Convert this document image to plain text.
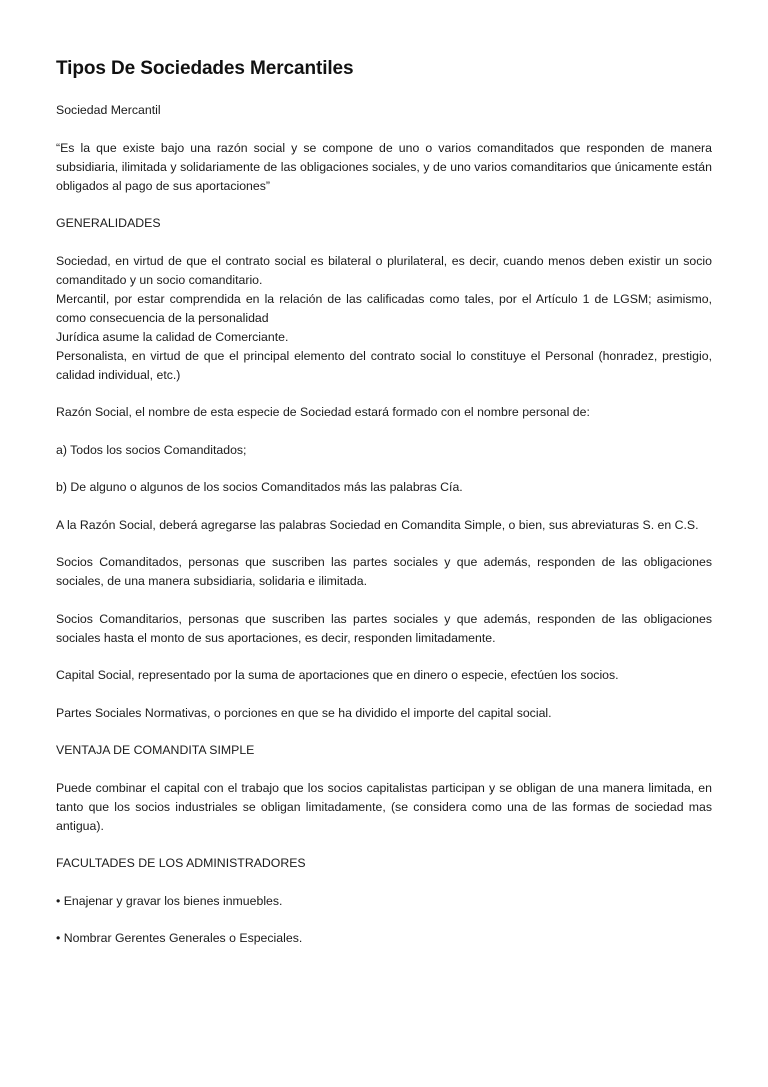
Tipos De Sociedades Mercantiles

Sociedad Mercantil

“Es la que existe bajo una razón social y se compone de uno o varios comanditados que responden de manera subsidiaria, ilimitada y solidariamente de las obligaciones sociales, y de uno varios comanditarios que únicamente están obligados al pago de sus aportaciones”

GENERALIDADES

Sociedad, en virtud de que el contrato social es bilateral o plurilateral, es decir, cuando menos deben existir un socio comanditado y un socio comanditario.
Mercantil, por estar comprendida en la relación de las calificadas como tales, por el Artículo 1 de LGSM; asimismo, como consecuencia de la personalidad
Jurídica asume la calidad de Comerciante.
Personalista, en virtud de que el principal elemento del contrato social lo constituye el Personal (honradez, prestigio, calidad individual, etc.)

Razón Social, el nombre de esta especie de Sociedad estará formado con el nombre personal de:

a) Todos los socios Comanditados;

b) De alguno o algunos de los socios Comanditados más las palabras Cía.

A la Razón Social, deberá agregarse las palabras Sociedad en Comandita Simple, o bien, sus abreviaturas S. en C.S.

Socios Comanditados, personas que suscriben las partes sociales y que además, responden de las obligaciones sociales, de una manera subsidiaria, solidaria e ilimitada.

Socios Comanditarios, personas que suscriben las partes sociales y que además, responden de las obligaciones sociales hasta el monto de sus aportaciones, es decir, responden limitadamente.

Capital Social, representado por la suma de aportaciones que en dinero o especie, efectúen los socios.

Partes Sociales Normativas, o porciones en que se ha dividido el importe del capital social.

VENTAJA DE COMANDITA SIMPLE

Puede combinar el capital con el trabajo que los socios capitalistas participan y se obligan de una manera limitada, en tanto que los socios industriales se obligan limitadamente, (se considera como una de las formas de sociedad mas antigua).

FACULTADES DE LOS ADMINISTRADORES

• Enajenar y gravar los bienes inmuebles.

• Nombrar Gerentes Generales o Especiales.
